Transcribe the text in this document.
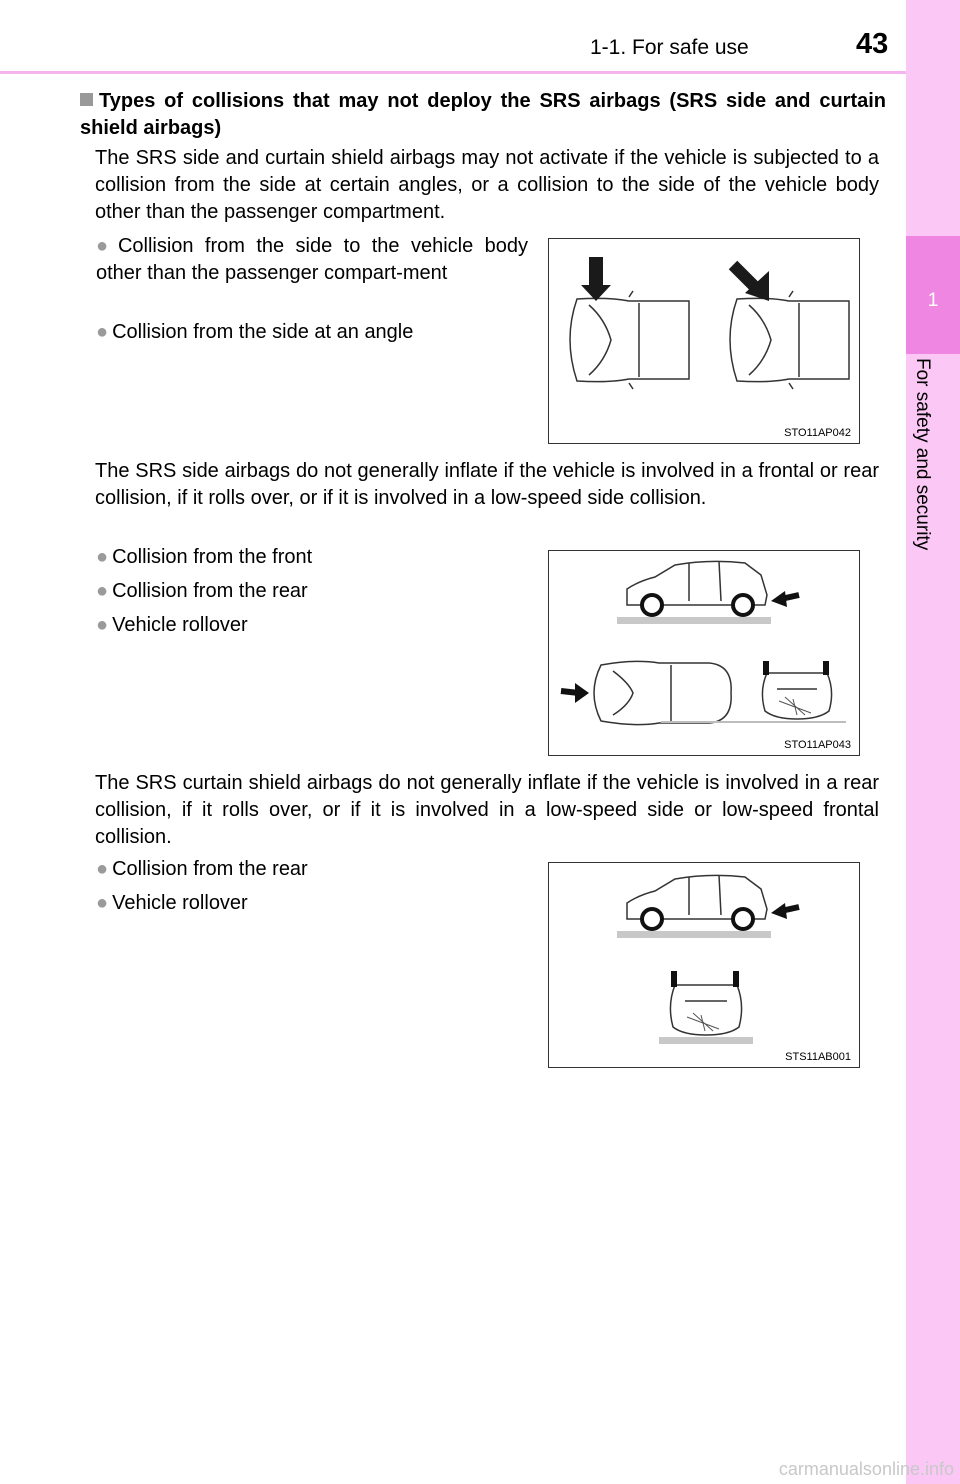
1-1. For safe use	43
1
For safety and security
Types of collisions that may not deploy the SRS airbags (SRS side and curtain shield airbags)
The SRS side and curtain shield airbags may not activate if the vehicle is subjected to a collision from the side at certain angles, or a collision to the side of the vehicle body other than the passenger compartment.
● Collision from the side to the vehicle body other than the passenger compart-ment
● Collision from the side at an angle
STO11AP042
The SRS side airbags do not generally inflate if the vehicle is involved in a frontal or rear collision, if it rolls over, or if it is involved in a low-speed side collision.
● Collision from the front
● Collision from the rear
● Vehicle rollover
STO11AP043
The SRS curtain shield airbags do not generally inflate if the vehicle is involved in a rear collision, if it rolls over, or if it is involved in a low-speed side or low-speed frontal collision.
● Collision from the rear
● Vehicle rollover
STS11AB001
carmanualsonline.info
